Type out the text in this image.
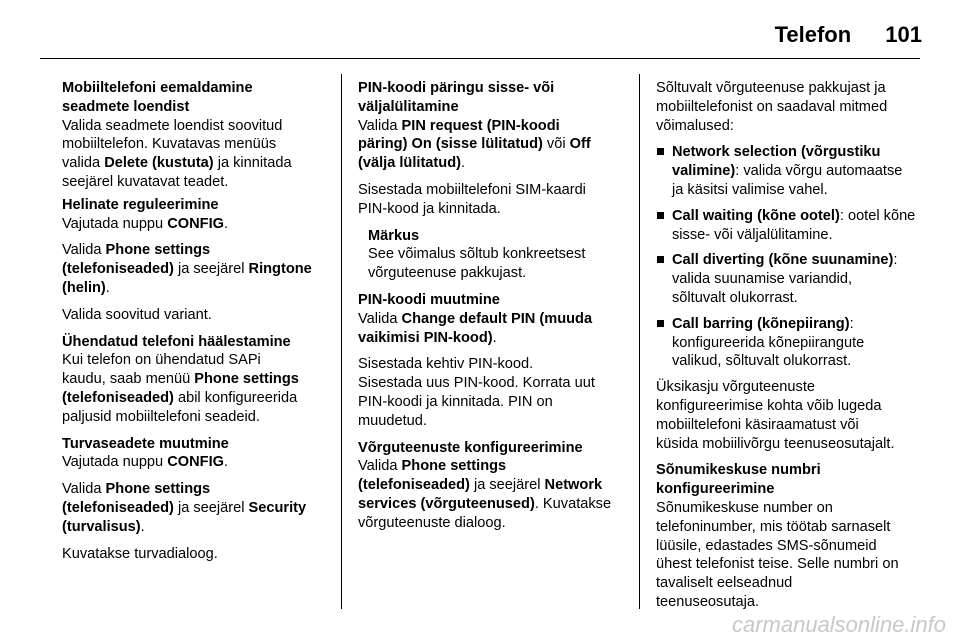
Telefon 101
Mobiiltelefoni eemaldamine
seadmete loendist
Valida seadmete loendist soovitud
mobiiltelefon. Kuvatavas menüüs
valida Delete (kustuta) ja kinnitada
seejärel kuvatavat teadet.
Helinate reguleerimine

Vajutada nuppu CONFIG.

Valida Phone settings
(telefoniseaded) ja seejärel Ringtone
(helin).

Valida soovitud variant.

Ühendatud telefoni häälestamine

Kui telefon on ühendatud SAPi
kaudu, saab menüü Phone settings
(telefoniseaded) abil konfigureerida
paljusid mobiiltelefoni seadeid.

Turvaseadete muutmine

Vajutada nuppu CONFIG.

Valida Phone settings
(telefoniseaded) ja seejärel Security
(turvalisus).

Kuvatakse turvadialoog.

PIN-koodi päringu sisse- või
väljalülitamine

Valida PIN request (PIN-koodi
päring) On (sisse lülitatud) või Off
(välja lülitatud).

Sisestada mobiiltelefoni SIM-kaardi
PIN-kood ja kinnitada.

Märkus
See võimalus sõltub konkreetsest
võrguteenuse pakkujast.
PIN-koodi muutmine

Valida Change default PIN (muuda
vaikimisi PIN-kood).

Sisestada kehtiv PIN-kood.
Sisestada uus PIN-kood. Korrata uut
PIN-koodi ja kinnitada. PIN on
muudetud.

Võrguteenuste konfigureerimine

Valida Phone settings
(telefoniseaded) ja seejärel Network
services (võrguteenused). Kuvatakse
võrguteenuste dialoog.

Sõltuvalt võrguteenuse pakkujast ja
mobiiltelefonist on saadaval mitmed
võimalused:

Network selection (võrgustiku
valimine): valida võrgu automaatse
ja käsitsi valimise vahel.
Call waiting (kõne ootel): ootel kõne
sisse- või väljalülitamine.
Call diverting (kõne suunamine):
valida suunamise variandid,
sõltuvalt olukorrast.
Call barring (kõnepiirang):
konfigureerida kõnepiirangute
valikud, sõltuvalt olukorrast.

Üksikasju võrguteenuste
konfigureerimise kohta võib lugeda
mobiiltelefoni käsiraamatust või
küsida mobiilivõrgu teenuseosutajalt.

Sõnumikeskuse numbri
konfigureerimine
Sõnumikeskuse number on
telefoninumber, mis töötab sarnaselt
lüüsile, edastades SMS-sõnumeid
ühest telefonist teise. Selle numbri on
tavaliselt eelseadnud
teenuseosutaja.
carmanualsonline.info
